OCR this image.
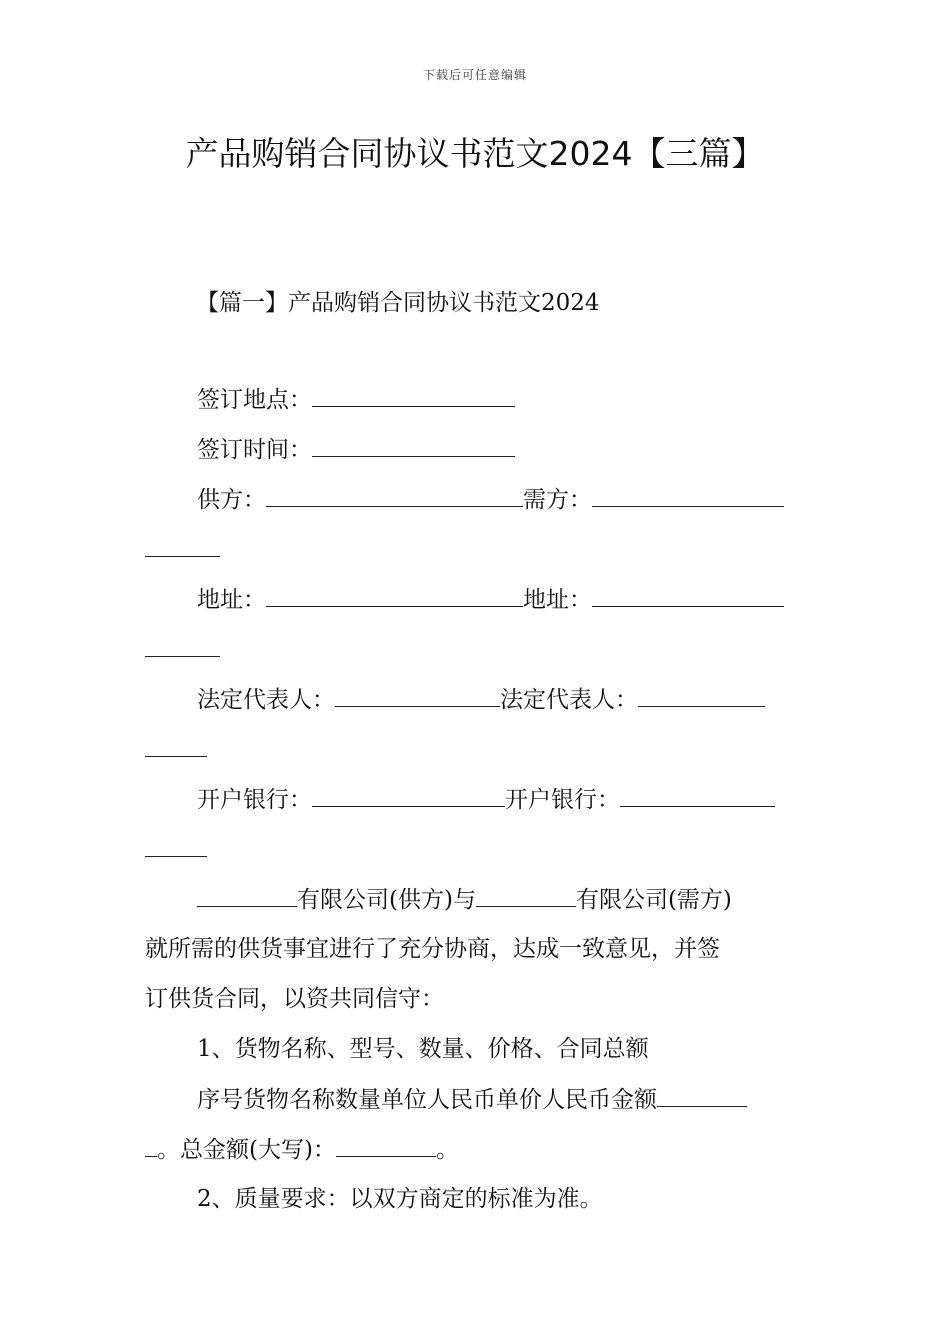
下载后可任意编辑
产品购销合同协议书范文2024【三篇】
【篇一】产品购销合同协议书范文2024
签订地点：
签订时间：
供方：	需方：
地址：	地址：
法定代表人：	法定代表人：
开户银行：	开户银行：
有限公司(供方)与	有限公司(需方)
就所需的供货事宜进行了充分协商，达成一致意见，并签
订供货合同，以资共同信守：
1、货物名称、型号、数量、价格、合同总额
序号货物名称数量单位人民币单价人民币金额
。总金额(大写)：	。
2、质量要求：以双方商定的标准为准。
